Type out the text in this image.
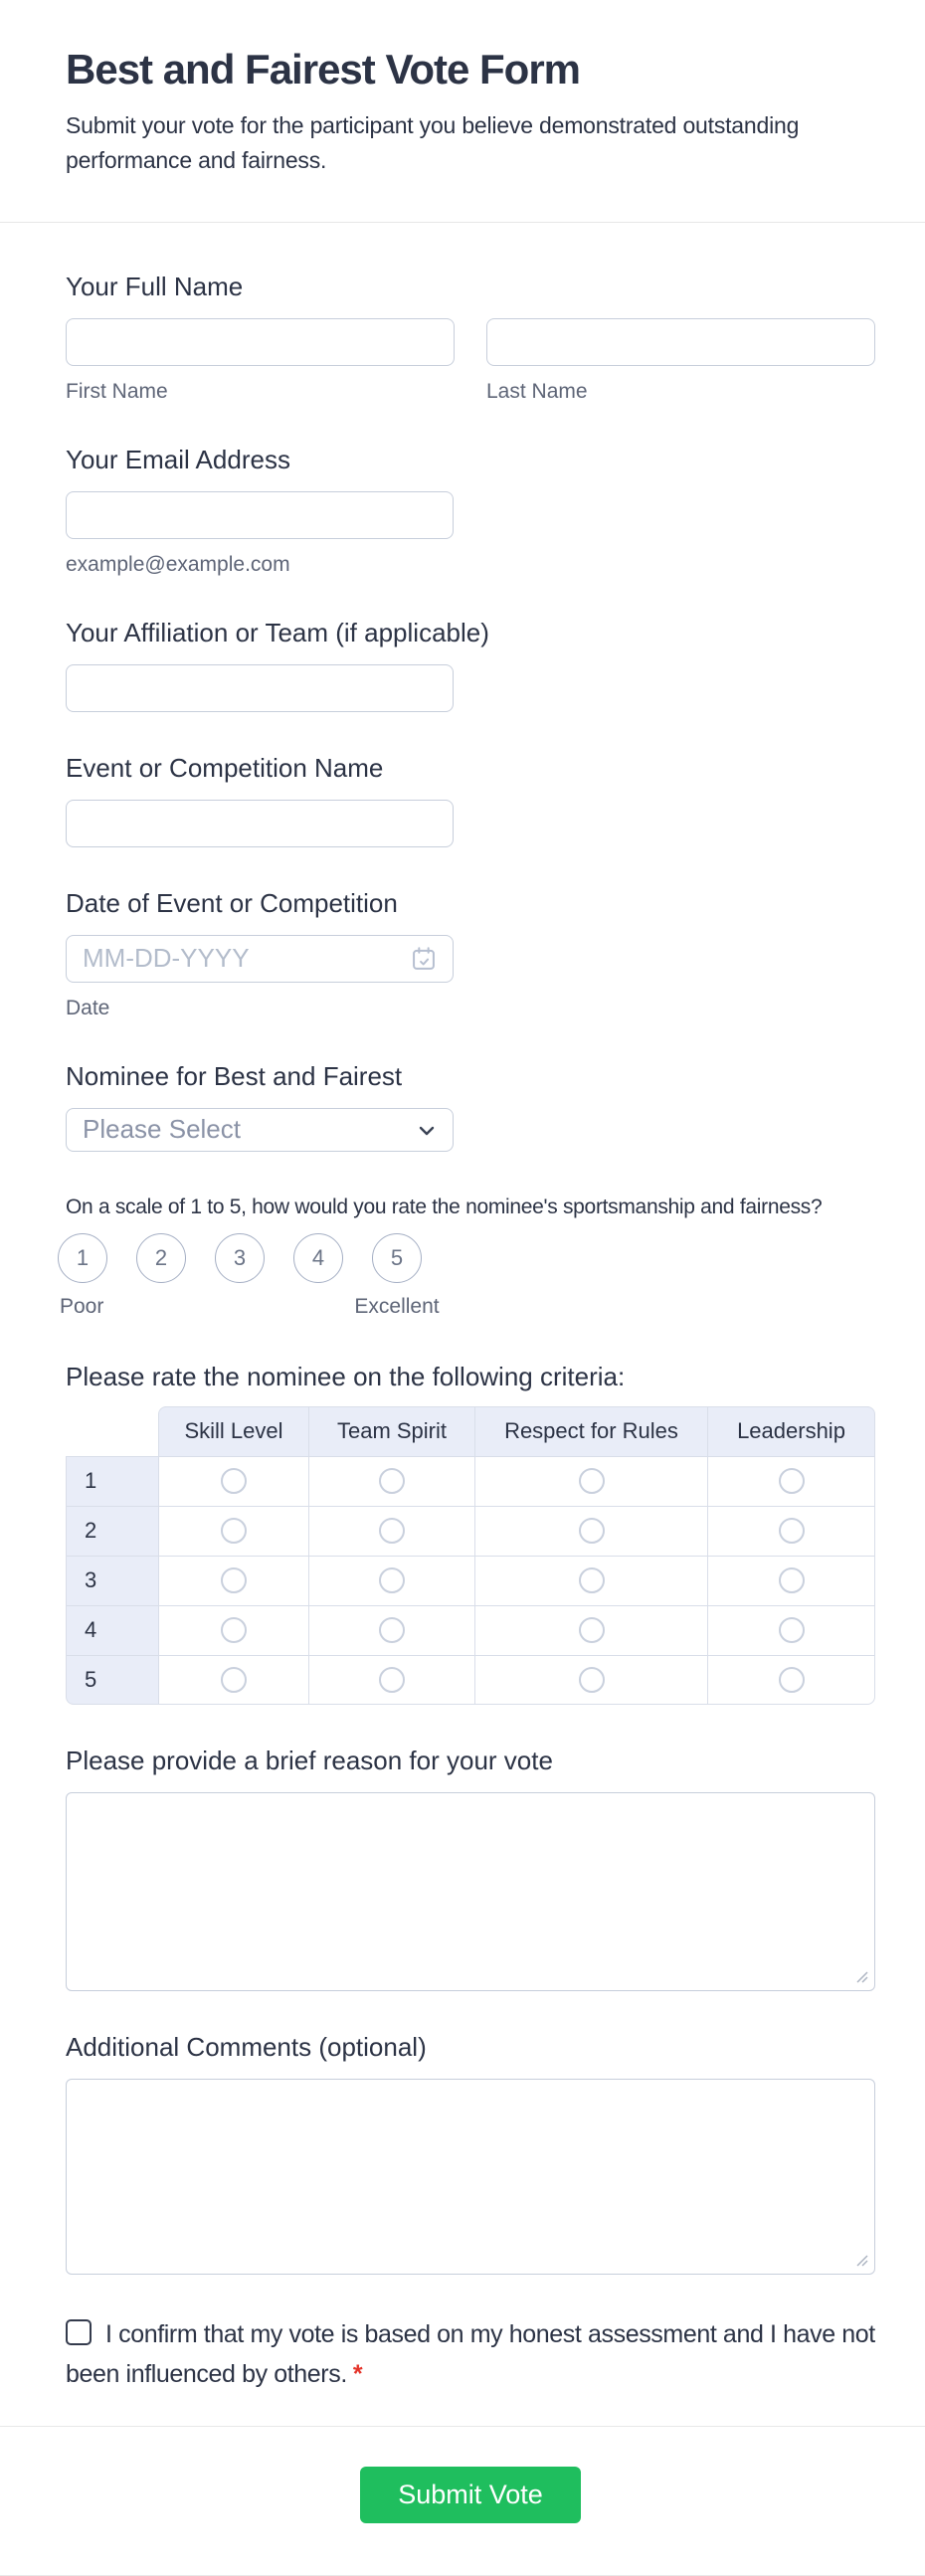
Best and Fairest Vote Form

Submit your vote for the participant you believe demonstrated outstanding performance and fairness.

Your Full Name
First Name	Last Name
Your Email Address
example@example.com
Your Affiliation or Team (if applicable)
Event or Competition Name
Date of Event or Competition
MM-DD-YYYY
Date
Nominee for Best and Fairest
Please Select
On a scale of 1 to 5, how would you rate the nominee's sportsmanship and fairness?
1	2	3	4	5
Poor	Excellent
Please rate the nominee on the following criteria:
	Skill Level	Team Spirit	Respect for Rules	Leadership
1				
2				
3				
4				
5				
Please provide a brief reason for your vote
Additional Comments (optional)
I confirm that my vote is based on my honest assessment and I have not been influenced by others. *
Submit Vote
